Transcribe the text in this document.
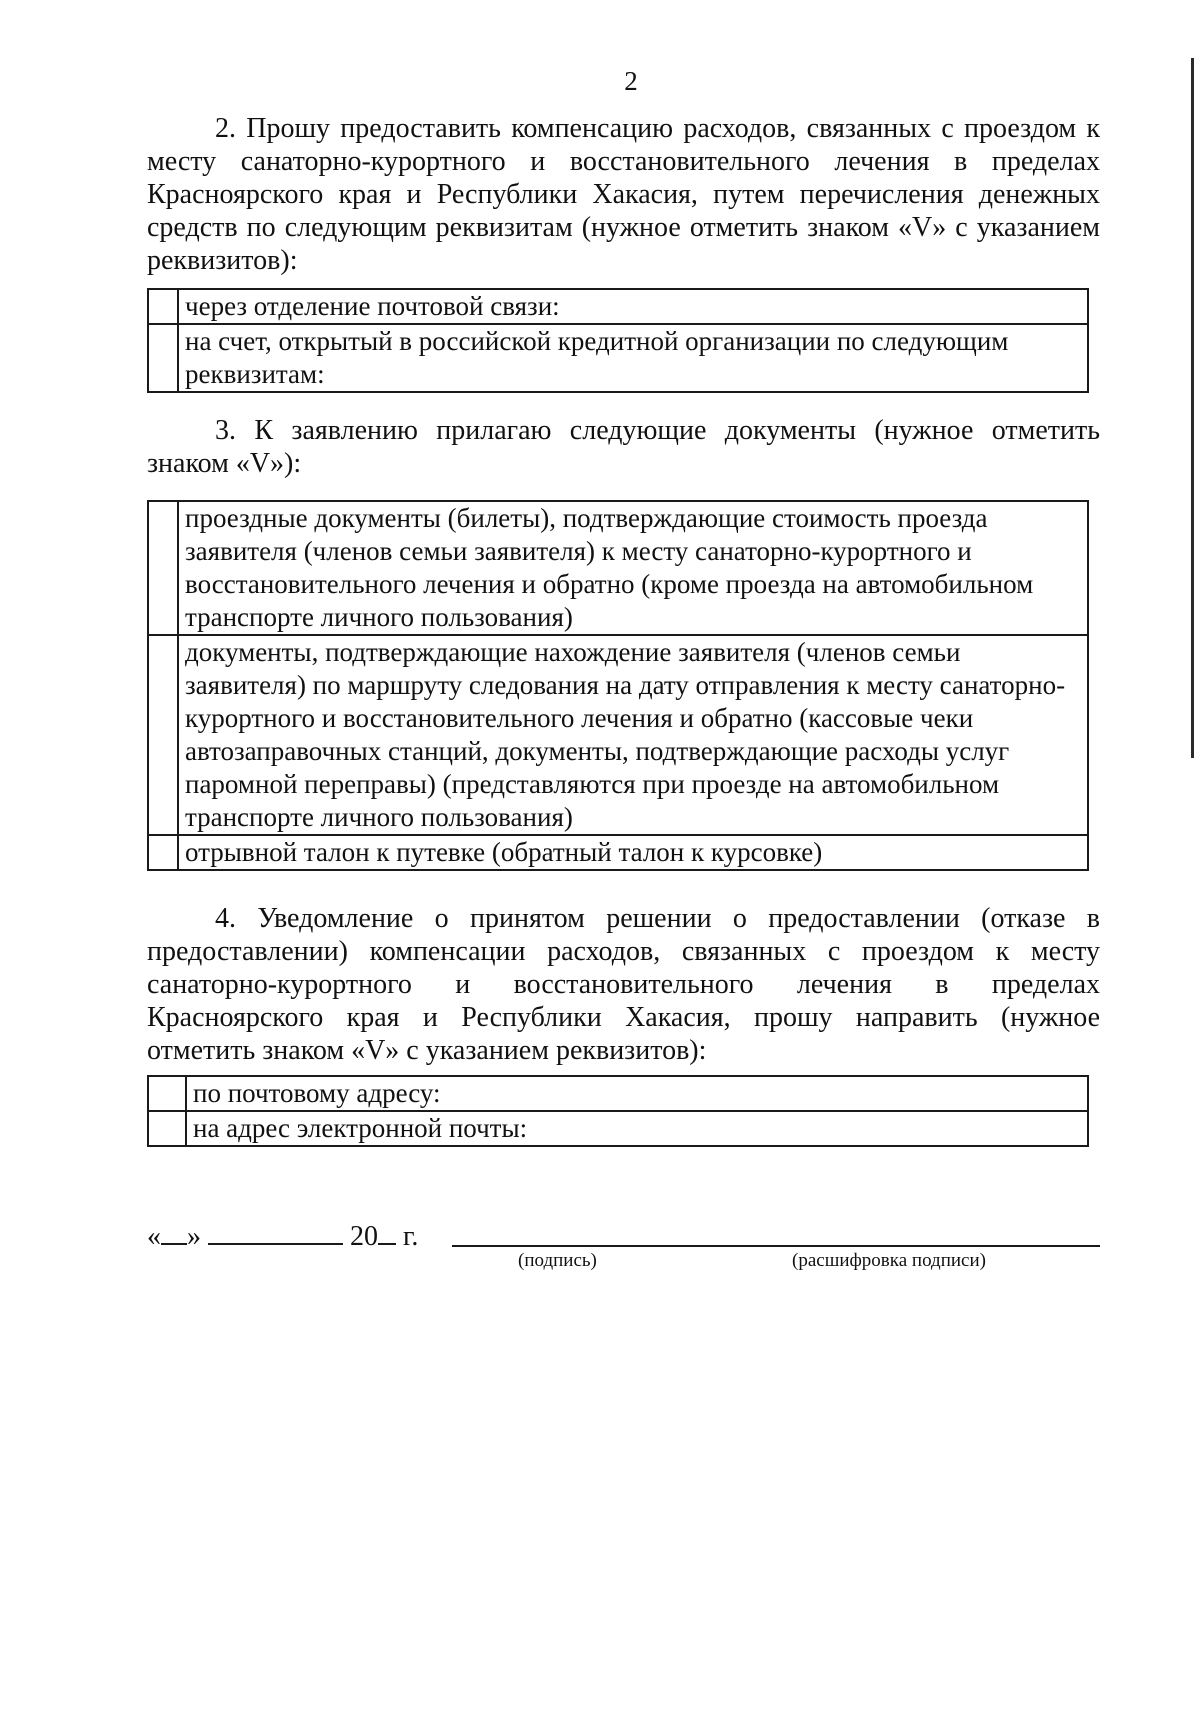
2
2. Прошу предоставить компенсацию расходов, связанных с проездом к месту санаторно-курортного и восстановительного лечения в пределах Красноярского края и Республики Хакасия, путем перечисления денежных средств по следующим реквизитам (нужное отметить знаком «V» с указанием реквизитов):
	через отделение почтовой связи:
	на счет, открытый в российской кредитной организации по следующим реквизитам:
3. К заявлению прилагаю следующие документы (нужное отметить знаком «V»):
	проездные документы (билеты), подтверждающие стоимость проезда заявителя (членов семьи заявителя) к месту санаторно-курортного и восстановительного лечения и обратно (кроме проезда на автомобильном транспорте личного пользования)
	документы, подтверждающие нахождение заявителя (членов семьи заявителя) по маршруту следования на дату отправления к месту санаторно-курортного и восстановительного лечения и обратно (кассовые чеки автозаправочных станций, документы, подтверждающие расходы услуг паромной переправы) (представляются при проезде на автомобильном транспорте личного пользования)
	отрывной талон к путевке (обратный талон к курсовке)
4. Уведомление о принятом решении о предоставлении (отказе в предоставлении) компенсации расходов, связанных с проездом к месту санаторно-курортного и восстановительного лечения в пределах Красноярского края и Республики Хакасия, прошу направить (нужное отметить знаком «V» с указанием реквизитов):
	по почтовому адресу:
	на адрес электронной почты:
« »	20 г.
(подпись)	(расшифровка подписи)
